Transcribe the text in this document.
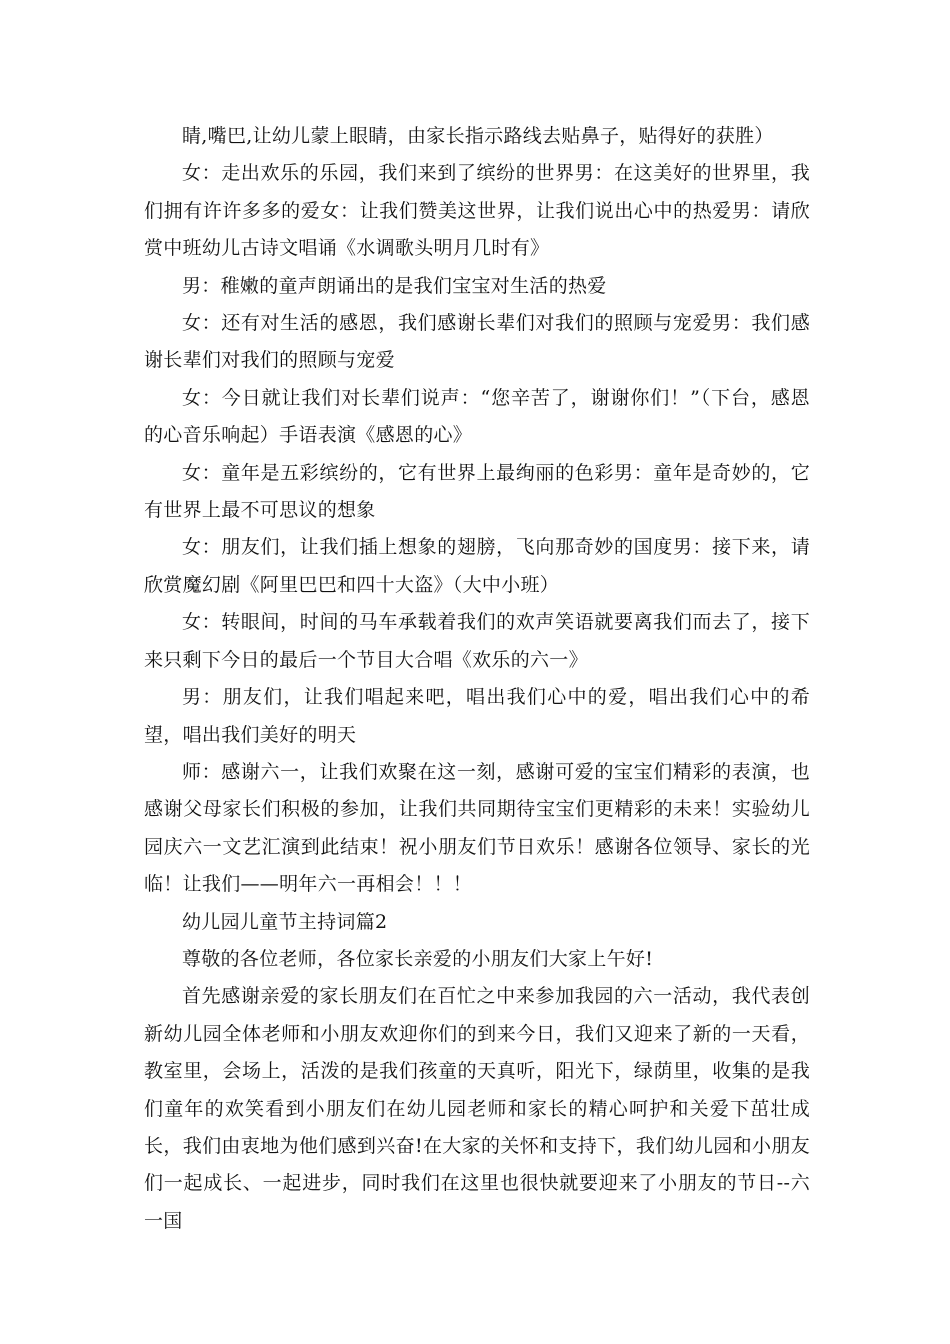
睛,嘴巴,让幼儿蒙上眼睛，由家长指示路线去贴鼻子，贴得好的获胜）

女：走出欢乐的乐园，我们来到了缤纷的世界男：在这美好的世界里，我们拥有许许多多的爱女：让我们赞美这世界，让我们说出心中的热爱男：请欣赏中班幼儿古诗文唱诵《水调歌头明月几时有》

男：稚嫩的童声朗诵出的是我们宝宝对生活的热爱

女：还有对生活的感恩，我们感谢长辈们对我们的照顾与宠爱男：我们感谢长辈们对我们的照顾与宠爱

女：今日就让我们对长辈们说声：“您辛苦了，谢谢你们！”（下台，感恩的心音乐响起）手语表演《感恩的心》

女：童年是五彩缤纷的，它有世界上最绚丽的色彩男：童年是奇妙的，它有世界上最不可思议的想象

女：朋友们，让我们插上想象的翅膀，飞向那奇妙的国度男：接下来，请欣赏魔幻剧《阿里巴巴和四十大盗》（大中小班）

女：转眼间，时间的马车承载着我们的欢声笑语就要离我们而去了，接下来只剩下今日的最后一个节目大合唱《欢乐的六一》

男：朋友们，让我们唱起来吧，唱出我们心中的爱，唱出我们心中的希望，唱出我们美好的明天

师：感谢六一，让我们欢聚在这一刻，感谢可爱的宝宝们精彩的表演，也感谢父母家长们积极的参加，让我们共同期待宝宝们更精彩的未来！实验幼儿园庆六一文艺汇演到此结束！祝小朋友们节日欢乐！感谢各位领导、家长的光临！让我们——明年六一再相会！！！

幼儿园儿童节主持词篇2

尊敬的各位老师，各位家长亲爱的小朋友们大家上午好!

首先感谢亲爱的家长朋友们在百忙之中来参加我园的六一活动，我代表创新幼儿园全体老师和小朋友欢迎你们的到来今日，我们又迎来了新的一天看，教室里，会场上，活泼的是我们孩童的天真听，阳光下，绿荫里，收集的是我们童年的欢笑看到小朋友们在幼儿园老师和家长的精心呵护和关爱下茁壮成长，我们由衷地为他们感到兴奋!在大家的关怀和支持下，我们幼儿园和小朋友们一起成长、一起进步，同时我们在这里也很快就要迎来了小朋友的节日--六一国
